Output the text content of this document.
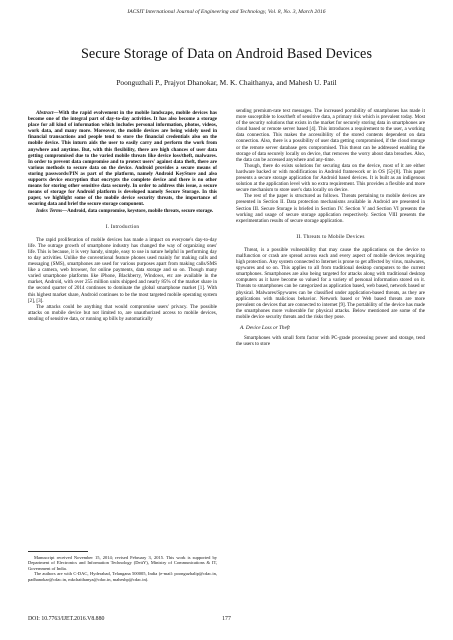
IACSIT International Journal of Engineering and Technology, Vol. 8, No. 3, March 2016
Secure Storage of Data on Android Based Devices
Poonguzhali P., Prajyot Dhanokar, M. K. Chaithanya, and Mahesh U. Patil

Abstract—With the rapid evolvement in the mobile landscape, mobile devices has become one of the integral part of day-to-day activities. It has also become a storage place for all kind of information which includes personal information, photos, videos, work data, and many more. Moreover, the mobile devices are being widely used in financial transactions and people tend to store the financial credentials also on the mobile device. This inturn aids the user to easily carry and perform the work from anywhere and anytime. But, with this flexibility, there are high chances of user data getting compromised due to the varied mobile threats like device loss/theft, malwares. In order to prevent data compromise and to protect users' against data theft, there are various methods to secure data on the device. Android provides a secure means of storing passwords/PIN as part of the platform, namely Android KeyStore and also supports device encryption that encrypts the complete device and there is no other means for storing other sensitive data securely. In order to address this issue, a secure means of storage for Android platform is developed namely Secure Storage. In this paper, we highlight some of the mobile device security threats, the importance of securing data and brief the secure storage component.

Index Terms—Android, data compromise, keystore, mobile threats, secure storage.

I. Introduction

The rapid proliferation of mobile devices has made a impact on everyone's day-to-day life. The outrage growth of smartphone industry has changed the way of organizing ones' life. This is because, it is very handy, simple, easy to use in nature helpful in performing day to day activities. Unlike the conventional feature phones used mainly for making calls and messaging (SMS), smartphones are used for various purposes apart from making calls/SMS like a camera, web browser, for online payments, data storage and so on. Though many varied smartphone platforms like iPhone, Blackberry, Windows, etc are available in the market, Android, with over 255 million units shipped and nearly 85% of the market share in the second quarter of 2014 continues to dominate the global smartphone market [1]. With this highest market share, Android continues to be the most targeted mobile operating system [2], [3].

The attacks could be anything that would compromise users' privacy. The possible attacks on mobile device but not limited to, are unauthorized access to mobile devices, stealing of sensitive data, or running up bills by automatically

Manuscript received November 15, 2014; revised February 3, 2015. This work is supported by Department of Electronics and Information Technology (DeitY), Ministry of Communications & IT, Government of India.

The authors are with C-DAC, Hyderabad, Telangana 500005, India (e-mail: poonguzhalip@cdac.in, padhanokar@cdac.in, mkchaithanya@cdac.in, maheshp@cdac.in).

sending premium-rate text messages. The increased portability of smartphones has made it more susceptible to loss/theft of sensitive data, a primary risk which is prevalent today. Most of the security solutions that exists in the market for securely storing data in smartphones are cloud based or remote server based [4]. This introduces a requirement to the user, a working data connection. This makes the accessibility of the stored contents dependent on data connection. Also, there is a possibility of user data getting compromised, if the cloud storage or the remote server database gets compromised. This threat can be addressed enabling the storage of data securely locally on device, that removes the worry about data breaches. Also, the data can be accessed anywhere and any-time.

Though, there do exists solutions for securing data on the device, most of it are either hardware backed or with modifications in Android framework or in OS [5]-[8]. This paper presents a secure storage application for Android based devices. It is built as an indigenous solution at the application level with no extra requirement. This provides a flexible and more secure mechanism to store user's data locally on device.

The rest of the paper is structured as follows. Threats pertaining to mobile devices are presented in Section II. Data protection mechanisms available in Android are presented in Section III. Secure Storage is briefed in Section IV. Section V and Section VI presents the working and usage of secure storage application respectively. Section VIII presents the experimentation results of secure storage application.

II. Threats to Mobile Devices

Threat, is a possible vulnerability that may cause the applications on the device to malfunction or crash are spread across each and every aspect of mobile devices requiring high protection. Any system connected to Internet is prone to get affected by virus, malwares, spywares and so on. This applies to all from traditional desktop computers to the current smartphones. Smartphones are also being targeted for attacks along with traditional desktop computers as it have become so valued for a variety of personal information stored on it. Threats to smartphones can be categorized as application based, web based, network based or physical. Malwares/Spywares can be classified under application-based threats, as they are applications with malicious behavior. Network based or Web based threats are more prevalent on devices that are connected to internet [9]. The portability of the device has made the smartphones more vulnerable for physical attacks. Below mentioned are some of the mobile device security threats and the risks they pose.

A. Device Loss or Theft

Smartphones with small form factor with PC-grade processing power and storage, tend the users to store

DOI: 10.7763/IJET.2016.V8.880	177
